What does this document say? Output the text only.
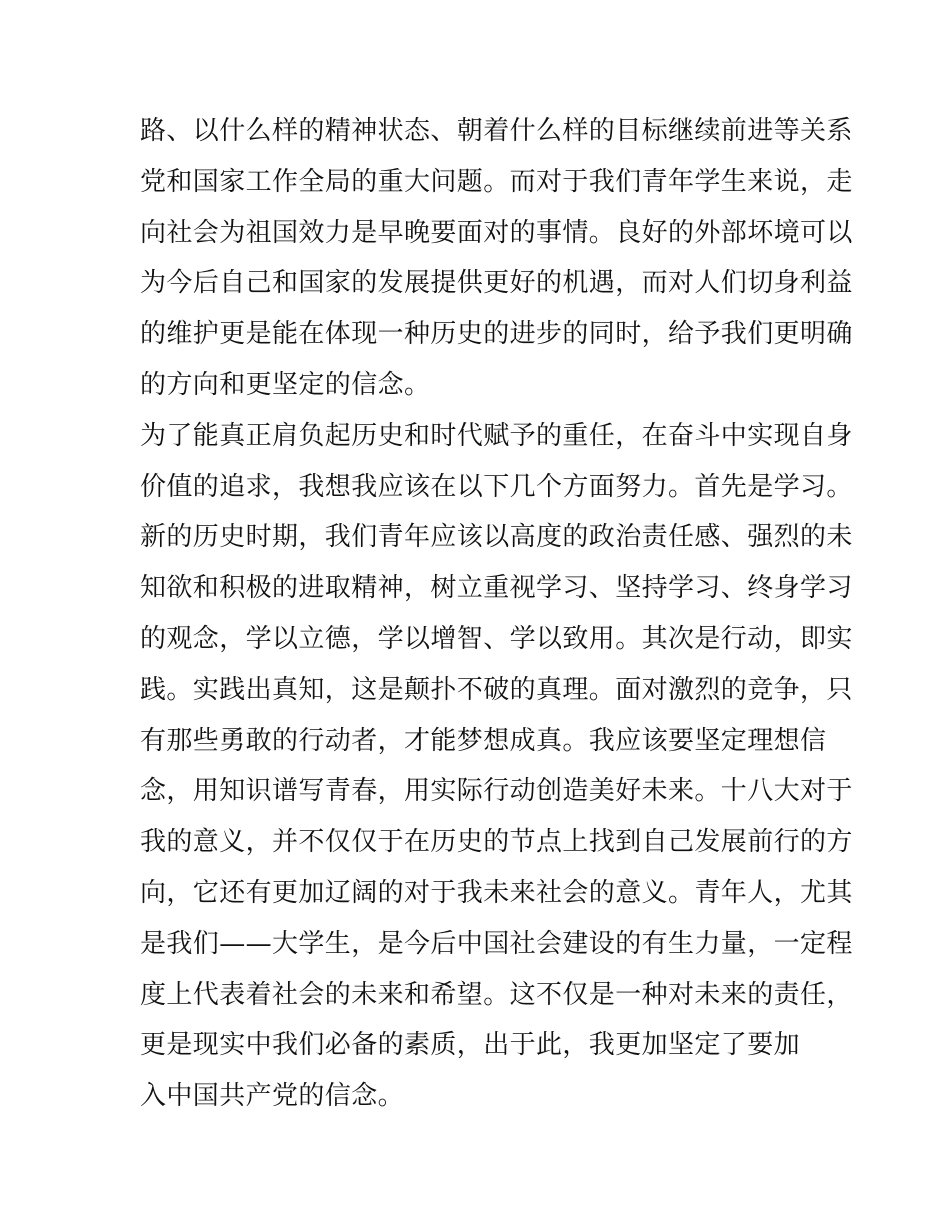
路、以什么样的精神状态、朝着什么样的目标继续前进等关系
党和国家工作全局的重大问题。而对于我们青年学生来说，走
向社会为祖国效力是早晚要面对的事情。良好的外部坏境可以
为今后自己和国家的发展提供更好的机遇，而对人们切身利益
的维护更是能在体现一种历史的进步的同时，给予我们更明确
的方向和更坚定的信念。
为了能真正肩负起历史和时代赋予的重任，在奋斗中实现自身
价值的追求，我想我应该在以下几个方面努力。首先是学习。
新的历史时期，我们青年应该以高度的政治责任感、强烈的未
知欲和积极的进取精神，树立重视学习、坚持学习、终身学习
的观念，学以立德，学以增智、学以致用。其次是行动，即实
践。实践出真知，这是颠扑不破的真理。面对激烈的竞争，只
有那些勇敢的行动者，才能梦想成真。我应该要坚定理想信
念，用知识谱写青春，用实际行动创造美好未来。十八大对于
我的意义，并不仅仅于在历史的节点上找到自己发展前行的方
向，它还有更加辽阔的对于我未来社会的意义。青年人，尤其
是我们——大学生，是今后中国社会建设的有生力量，一定程
度上代表着社会的未来和希望。这不仅是一种对未来的责任，
更是现实中我们必备的素质，出于此，我更加坚定了要加
入中国共产党的信念。
